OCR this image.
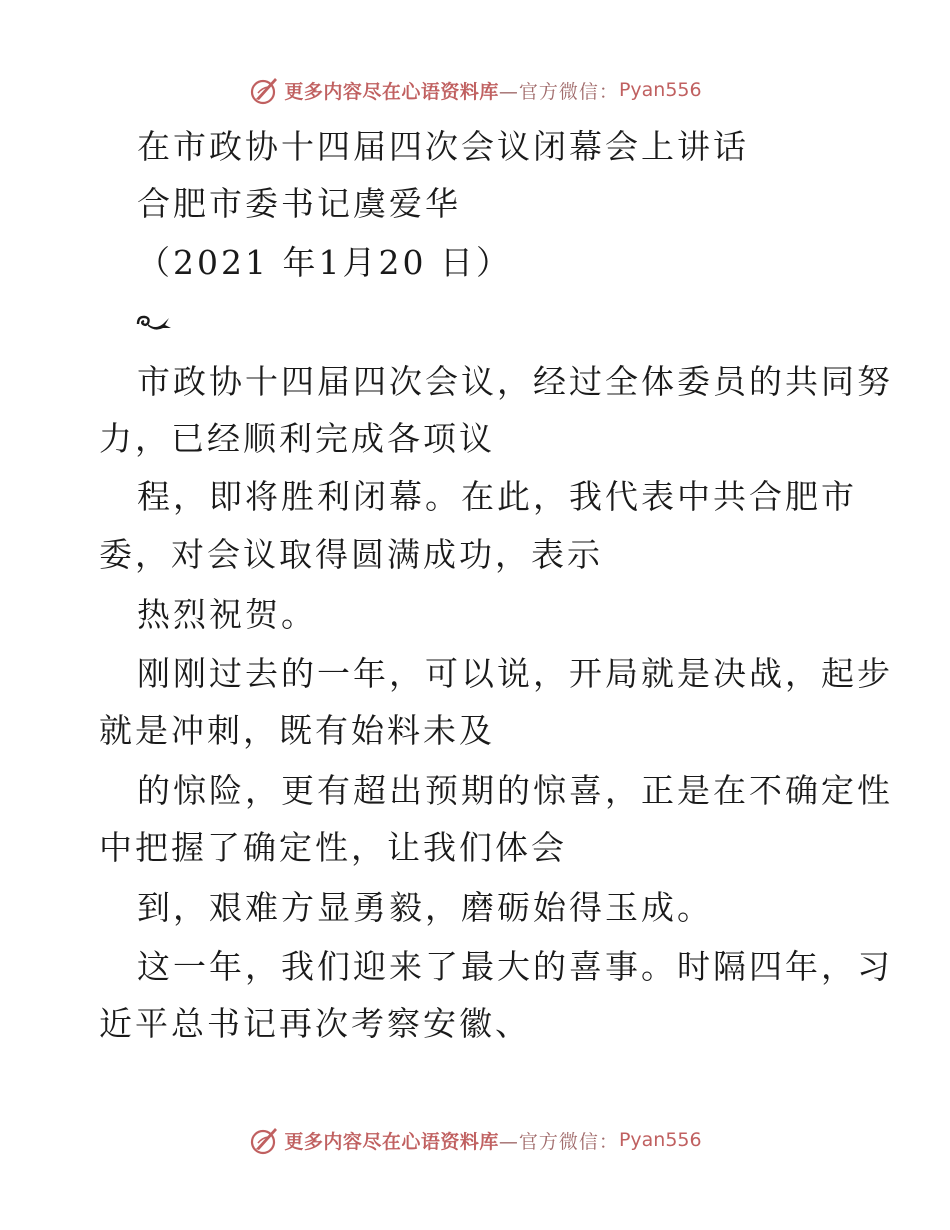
更多内容尽在心语资料库 —官方微信： Pyan556
在市政协十四届四次会议闭幕会上讲话
合肥市委书记虞爱华
（2021 年1月20 日）
市政协十四届四次会议，经过全体委员的共同努
力，已经顺利完成各项议
程，即将胜利闭幕。在此，我代表中共合肥市
委，对会议取得圆满成功，表示
热烈祝贺。
刚刚过去的一年，可以说，开局就是决战，起步
就是冲刺，既有始料未及
的惊险，更有超出预期的惊喜，正是在不确定性
中把握了确定性，让我们体会
到，艰难方显勇毅，磨砺始得玉成。
这一年，我们迎来了最大的喜事。时隔四年，习
近平总书记再次考察安徽、
更多内容尽在心语资料库 —官方微信： Pyan556
